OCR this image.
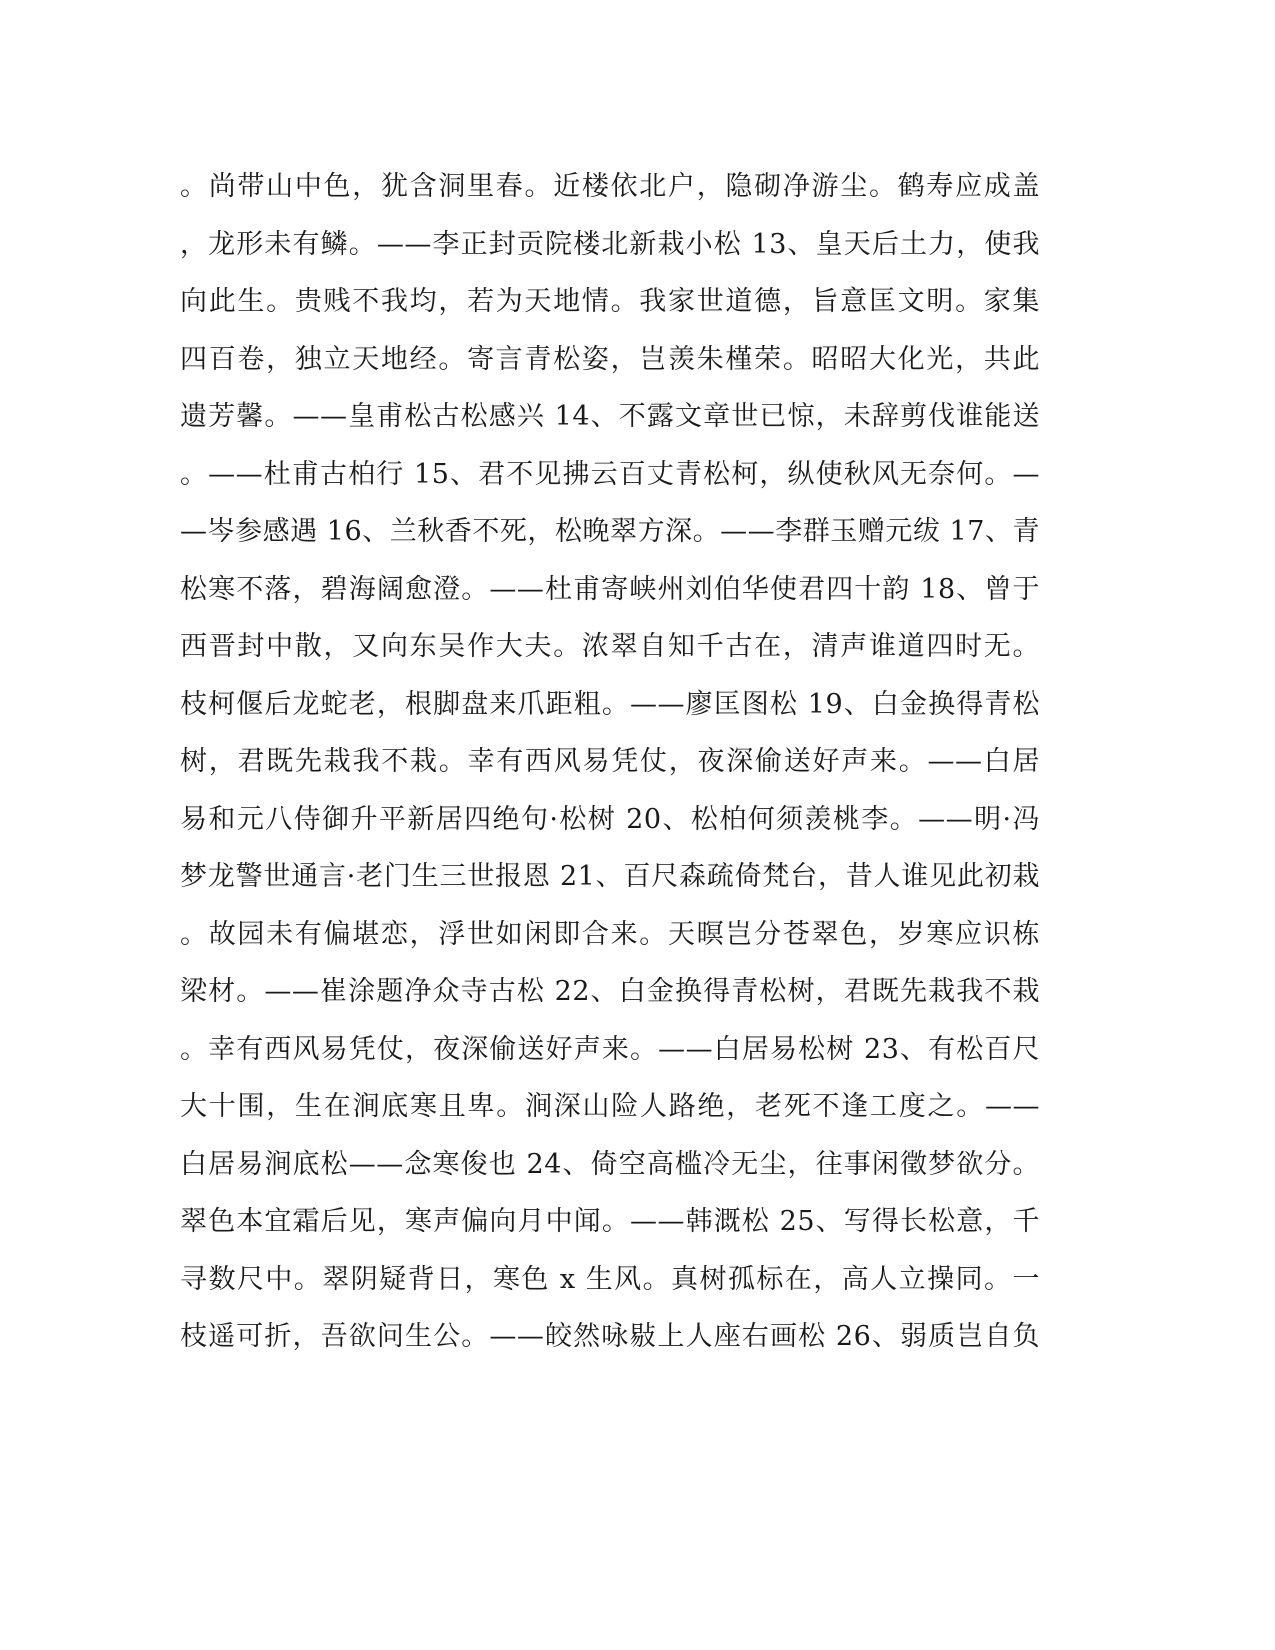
。尚带山中色，犹含洞里春。近楼依北户，隐砌净游尘。鹤寿应成盖
，龙形未有鳞。——李正封贡院楼北新栽小松 13、皇天后土力，使我
向此生。贵贱不我均，若为天地情。我家世道德，旨意匡文明。家集
四百卷，独立天地经。寄言青松姿，岂羡朱槿荣。昭昭大化光，共此
遗芳馨。——皇甫松古松感兴 14、不露文章世已惊，未辞剪伐谁能送
。——杜甫古柏行 15、君不见拂云百丈青松柯，纵使秋风无奈何。—
—岑参感遇 16、兰秋香不死，松晚翠方深。——李群玉赠元绂 17、青
松寒不落，碧海阔愈澄。——杜甫寄峡州刘伯华使君四十韵 18、曾于
西晋封中散，又向东吴作大夫。浓翠自知千古在，清声谁道四时无。
枝柯偃后龙蛇老，根脚盘来爪距粗。——廖匡图松 19、白金换得青松
树，君既先栽我不栽。幸有西风易凭仗，夜深偷送好声来。——白居
易和元八侍御升平新居四绝句·松树 20、松柏何须羡桃李。——明·冯
梦龙警世通言·老门生三世报恩 21、百尺森疏倚梵台，昔人谁见此初栽
。故园未有偏堪恋，浮世如闲即合来。天暝岂分苍翠色，岁寒应识栋
梁材。——崔涂题净众寺古松 22、白金换得青松树，君既先栽我不栽
。幸有西风易凭仗，夜深偷送好声来。——白居易松树 23、有松百尺
大十围，生在涧底寒且卑。涧深山险人路绝，老死不逢工度之。——
白居易涧底松——念寒俊也 24、倚空高槛冷无尘，往事闲徵梦欲分。
翠色本宜霜后见，寒声偏向月中闻。——韩溉松 25、写得长松意，千
寻数尺中。翠阴疑背日，寒色 x 生风。真树孤标在，高人立操同。一
枝遥可折，吾欲问生公。——皎然咏敡上人座右画松 26、弱质岂自负
